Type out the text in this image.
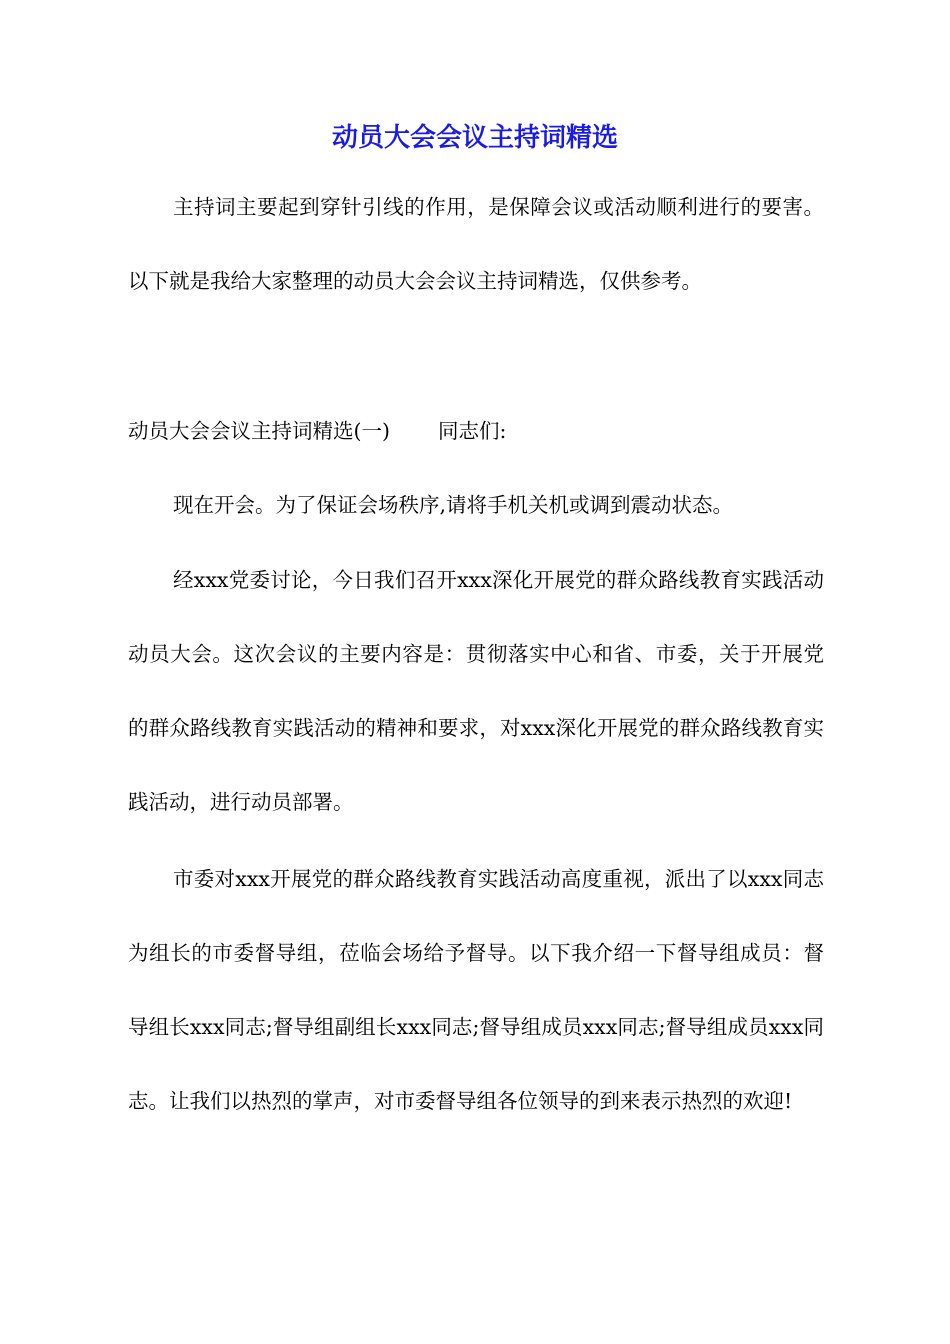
动员大会会议主持词精选

主持词主要起到穿针引线的作用，是保障会议或活动顺利进行的要害。以下就是我给大家整理的动员大会会议主持词精选，仅供参考。

动员大会会议主持词精选(一) 同志们:

现在开会。为了保证会场秩序,请将手机关机或调到震动状态。

经xxx党委讨论，今日我们召开xxx深化开展党的群众路线教育实践活动动员大会。这次会议的主要内容是：贯彻落实中心和省、市委，关于开展党的群众路线教育实践活动的精神和要求，对xxx深化开展党的群众路线教育实践活动，进行动员部署。

市委对xxx开展党的群众路线教育实践活动高度重视，派出了以xxx同志为组长的市委督导组，莅临会场给予督导。以下我介绍一下督导组成员：督导组长xxx同志;督导组副组长xxx同志;督导组成员xxx同志;督导组成员xxx同志。让我们以热烈的掌声，对市委督导组各位领导的到来表示热烈的欢迎!
